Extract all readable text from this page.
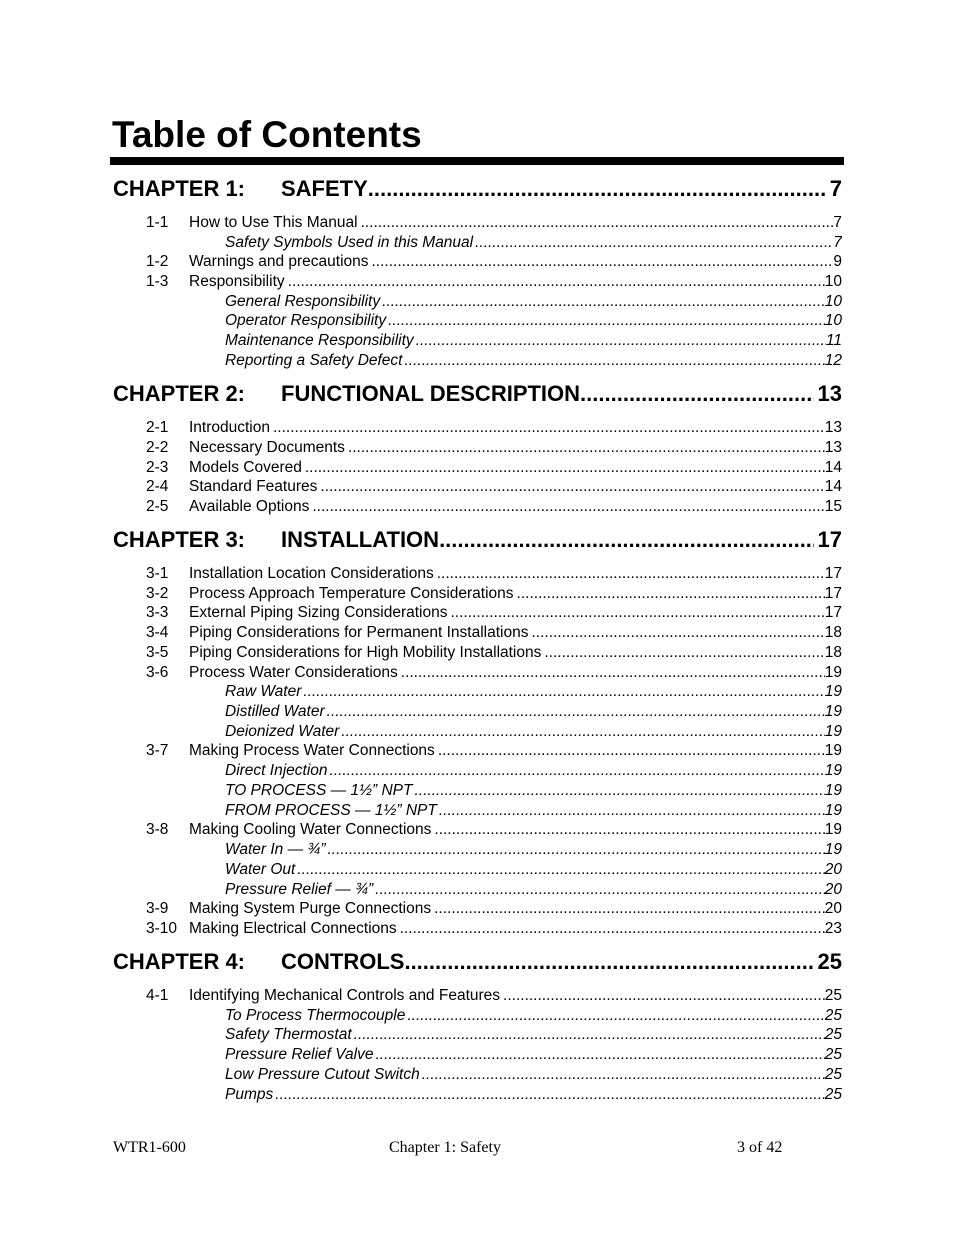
Table of Contents
CHAPTER 1:	SAFETY .....	7
1-1	How to Use This Manual .....	7
Safety Symbols Used in this Manual .....	7
1-2	Warnings and precautions .....	9
1-3	Responsibility .....	10
General Responsibility .....	10
Operator Responsibility .....	10
Maintenance Responsibility .....	11
Reporting a Safety Defect .....	12
CHAPTER 2:	FUNCTIONAL DESCRIPTION .....	13
2-1	Introduction .....	13
2-2	Necessary Documents .....	13
2-3	Models Covered .....	14
2-4	Standard Features .....	14
2-5	Available Options .....	15
CHAPTER 3:	INSTALLATION .....	17
3-1	Installation Location Considerations .....	17
3-2	Process Approach Temperature Considerations .....	17
3-3	External Piping Sizing Considerations .....	17
3-4	Piping Considerations for Permanent Installations .....	18
3-5	Piping Considerations for High Mobility Installations .....	18
3-6	Process Water Considerations .....	19
Raw Water .....	19
Distilled Water .....	19
Deionized Water .....	19
3-7	Making Process Water Connections .....	19
Direct Injection .....	19
TO PROCESS — 1½” NPT .....	19
FROM PROCESS — 1½” NPT .....	19
3-8	Making Cooling Water Connections .....	19
Water In — ¾” .....	19
Water Out .....	20
Pressure Relief — ¾” .....	20
3-9	Making System Purge Connections .....	20
3-10 Making Electrical Connections .....	23
CHAPTER 4:	CONTROLS .....	25
4-1	Identifying Mechanical Controls and Features .....	25
To Process Thermocouple .....	25
Safety Thermostat .....	25
Pressure Relief Valve .....	25
Low Pressure Cutout Switch .....	25
Pumps .....	25
WTR1-600	Chapter 1: Safety	3 of 42
